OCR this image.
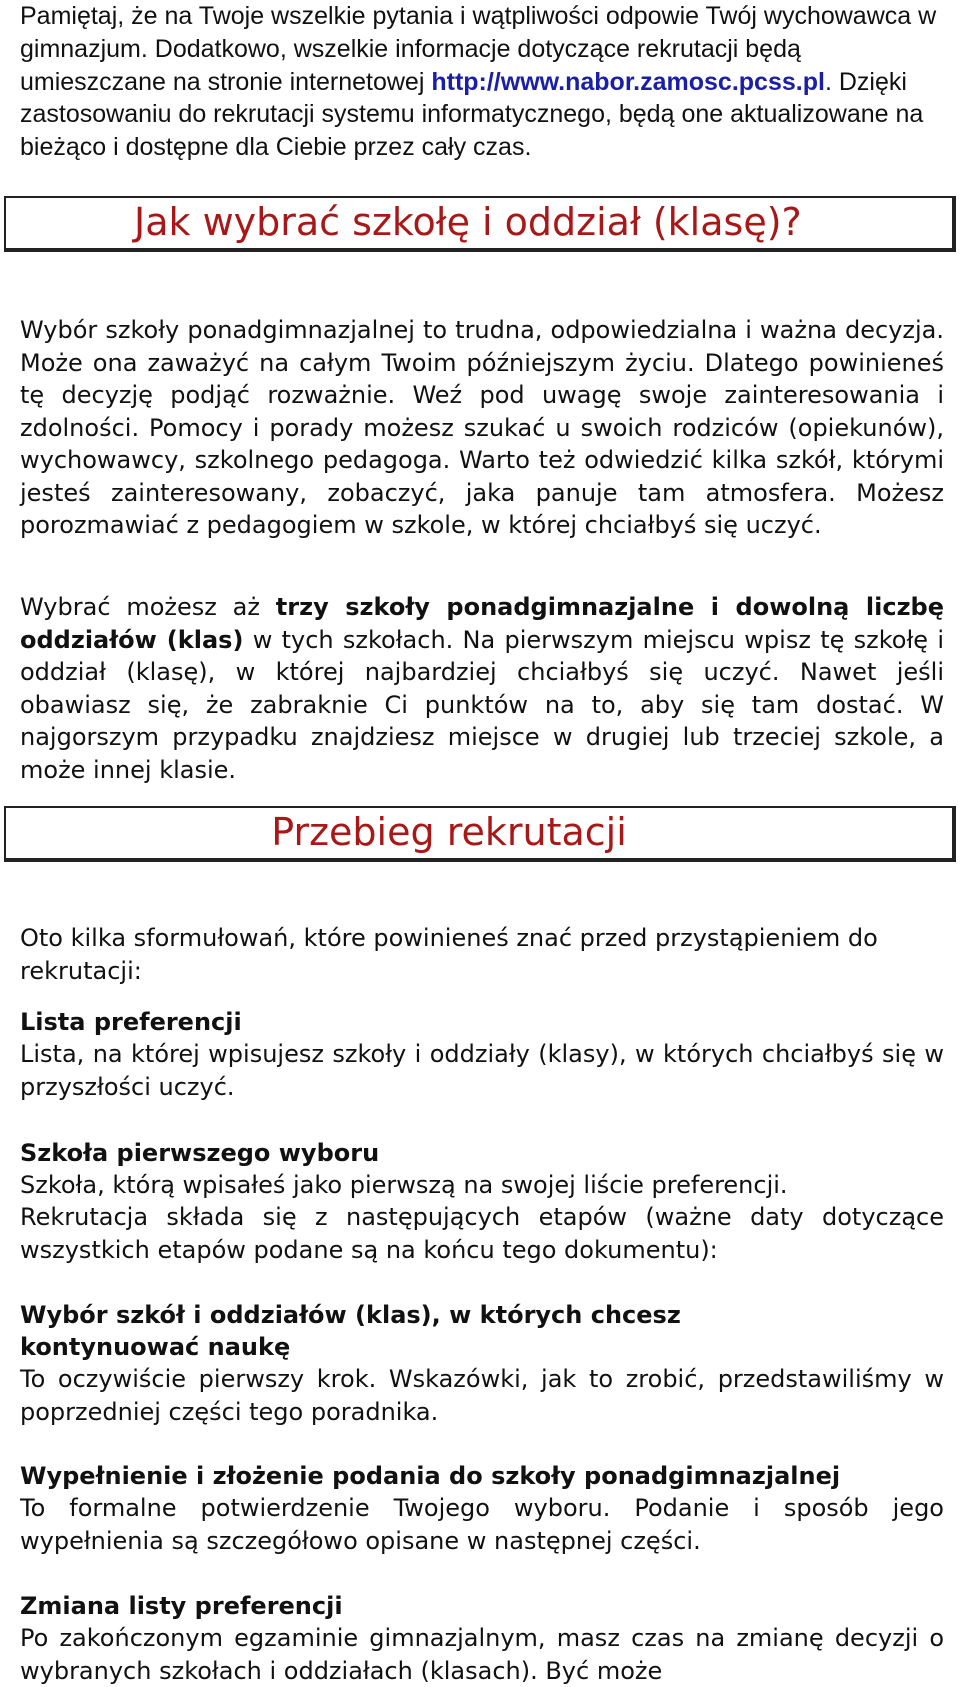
Pamiętaj, że na Twoje wszelkie pytania i wątpliwości odpowie Twój wychowawca w gimnazjum. Dodatkowo, wszelkie informacje dotyczące rekrutacji będą umieszczane na stronie internetowej http://www.nabor.zamosc.pcss.pl. Dzięki zastosowaniu do rekrutacji systemu informatycznego, będą one aktualizowane na bieżąco i dostępne dla Ciebie przez cały czas.

Jak wybrać szkołę i oddział (klasę)?

Wybór szkoły ponadgimnazjalnej to trudna, odpowiedzialna i ważna decyzja. Może ona zaważyć na całym Twoim późniejszym życiu. Dlatego powinieneś tę decyzję podjąć rozważnie. Weź pod uwagę swoje zainteresowania i zdolności. Pomocy i porady możesz szukać u swoich rodziców (opiekunów), wychowawcy, szkolnego pedagoga. Warto też odwiedzić kilka szkół, którymi jesteś zainteresowany, zobaczyć, jaka panuje tam atmosfera. Możesz porozmawiać z pedagogiem w szkole, w której chciałbyś się uczyć.

Wybrać możesz aż trzy szkoły ponadgimnazjalne i dowolną liczbę oddziałów (klas) w tych szkołach. Na pierwszym miejscu wpisz tę szkołę i oddział (klasę), w której najbardziej chciałbyś się uczyć. Nawet jeśli obawiasz się, że zabraknie Ci punktów na to, aby się tam dostać. W najgorszym przypadku znajdziesz miejsce w drugiej lub trzeciej szkole, a może innej klasie.

Przebieg rekrutacji

Oto kilka sformułowań, które powinieneś znać przed przystąpieniem do rekrutacji:

Lista preferencji

Lista, na której wpisujesz szkoły i oddziały (klasy), w których chciałbyś się w przyszłości uczyć.

Szkoła pierwszego wyboru

Szkoła, którą wpisałeś jako pierwszą na swojej liście preferencji.

Rekrutacja składa się z następujących etapów (ważne daty dotyczące wszystkich etapów podane są na końcu tego dokumentu):

Wybór szkół i oddziałów (klas), w których chcesz kontynuować naukę

To oczywiście pierwszy krok. Wskazówki, jak to zrobić, przedstawiliśmy w poprzedniej części tego poradnika.

Wypełnienie i złożenie podania do szkoły ponadgimnazjalnej

To formalne potwierdzenie Twojego wyboru. Podanie i sposób jego wypełnienia są szczegółowo opisane w następnej części.

Zmiana listy preferencji

Po zakończonym egzaminie gimnazjalnym, masz czas na zmianę decyzji o wybranych szkołach i oddziałach (klasach). Być może
